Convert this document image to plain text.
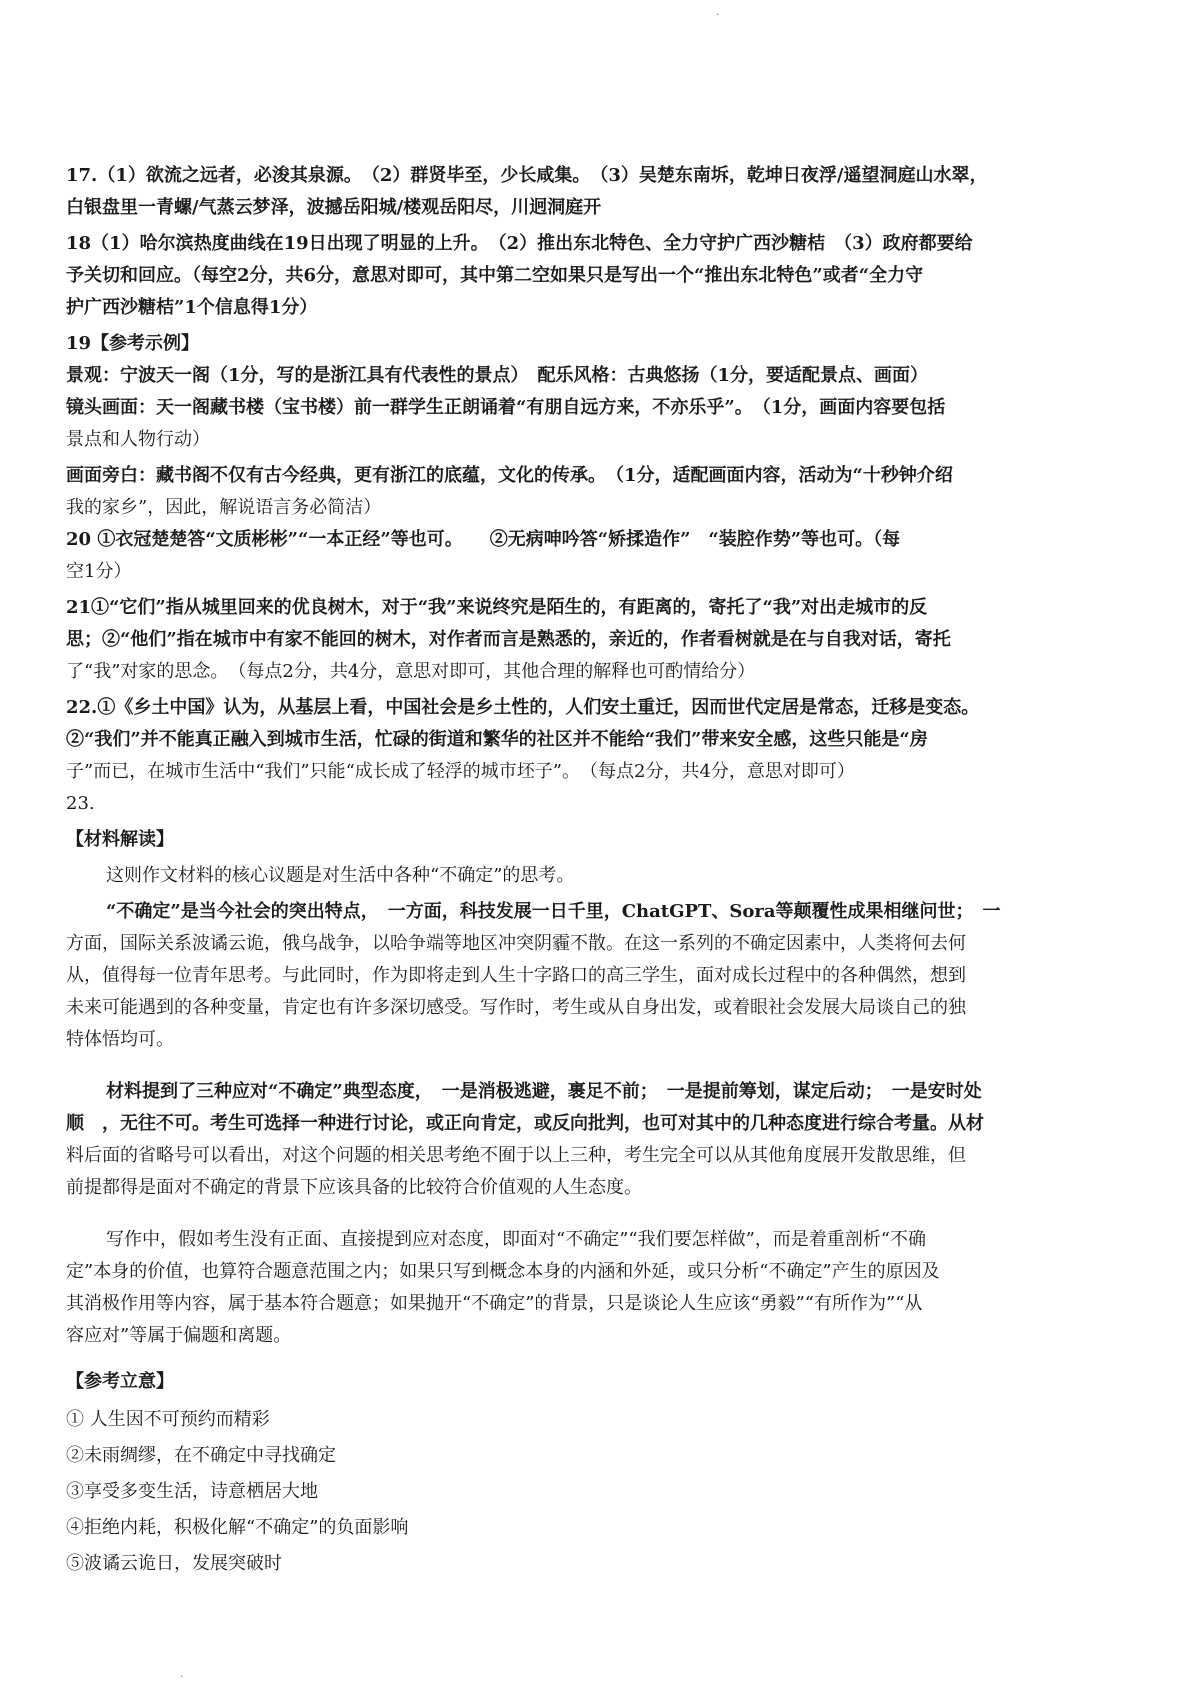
·

17.（1）欲流之远者，必浚其泉源。　（2）群贤毕至，少长咸集。　（3）吴楚东南坼，乾坤日夜浮/遥望洞庭山水翠，

白银盘里一青螺/气蒸云梦泽，波撼岳阳城/楼观岳阳尽，川迥洞庭开

18（1）哈尔滨热度曲线在19日出现了明显的上升。　（2）推出东北特色、全力守护广西沙糖桔　（3）政府都要给

予关切和回应。（每空2分，共6分，意思对即可，其中第二空如果只是写出一个“推出东北特色”或者“全力守

护广西沙糖桔”1个信息得1分）

19【参考示例】

景观：宁波天一阁（1分，写的是浙江具有代表性的景点）　配乐风格：古典悠扬（1分，要适配景点、画面）

镜头画面：天一阁藏书楼（宝书楼）前一群学生正朗诵着“有朋自远方来，不亦乐乎”。　（1分，画面内容要包括

景点和人物行动）

画面旁白：藏书阁不仅有古今经典，更有浙江的底蕴，文化的传承。　（1分，适配画面内容，活动为“十秒钟介绍

我的家乡”，因此，解说语言务必简洁）

20 ①衣冠楚楚答“文质彬彬”“一本正经”等也可。　　②无病呻吟答“矫揉造作”　“装腔作势”等也可。（每

空1分）

21①“它们”指从城里回来的优良树木，对于“我”来说终究是陌生的，有距离的，寄托了“我”对出走城市的反

思；②“他们”指在城市中有家不能回的树木，对作者而言是熟悉的，亲近的，作者看树就是在与自我对话，寄托

了“我”对家的思念。　（每点2分，共4分，意思对即可，其他合理的解释也可酌情给分）

22.①《乡土中国》认为，从基层上看，中国社会是乡土性的，人们安土重迁，因而世代定居是常态，迁移是变态。

②“我们”并不能真正融入到城市生活，忙碌的街道和繁华的社区并不能给“我们”带来安全感，这些只能是“房

子”而已，在城市生活中“我们”只能“成长成了轻浮的城市坯子”。　（每点2分，共4分，意思对即可）

23.

【材料解读】

这则作文材料的核心议题是对生活中各种“不确定”的思考。

“不确定”是当今社会的突出特点，　一方面，科技发展一日千里，ChatGPT、Sora等颠覆性成果相继问世；　一

方面，国际关系波谲云诡，俄乌战争，以哈争端等地区冲突阴霾不散。在这一系列的不确定因素中，人类将何去何

从，值得每一位青年思考。与此同时，作为即将走到人生十字路口的高三学生，面对成长过程中的各种偶然，想到

未来可能遇到的各种变量，肯定也有许多深切感受。写作时，考生或从自身出发，或着眼社会发展大局谈自己的独

特体悟均可。

材料提到了三种应对“不确定”典型态度，　一是消极逃避，裹足不前；　一是提前筹划，谋定后动；　一是安时处

顺　，无往不可。考生可选择一种进行讨论，或正向肯定，或反向批判，也可对其中的几种态度进行综合考量。从材

料后面的省略号可以看出，对这个问题的相关思考绝不囿于以上三种，考生完全可以从其他角度展开发散思维，但

前提都得是面对不确定的背景下应该具备的比较符合价值观的人生态度。

写作中，假如考生没有正面、直接提到应对态度，即面对“不确定”“我们要怎样做”，而是着重剖析“不确

定”本身的价值，也算符合题意范围之内；如果只写到概念本身的内涵和外延，或只分析“不确定”产生的原因及

其消极作用等内容，属于基本符合题意；如果抛开“不确定”的背景，只是谈论人生应该“勇毅”“有所作为”“从

容应对”等属于偏题和离题。

【参考立意】

① 人生因不可预约而精彩

②未雨绸缪，在不确定中寻找确定

③享受多变生活，诗意栖居大地

④拒绝内耗，积极化解“不确定”的负面影响

⑤波谲云诡日，发展突破时

·
